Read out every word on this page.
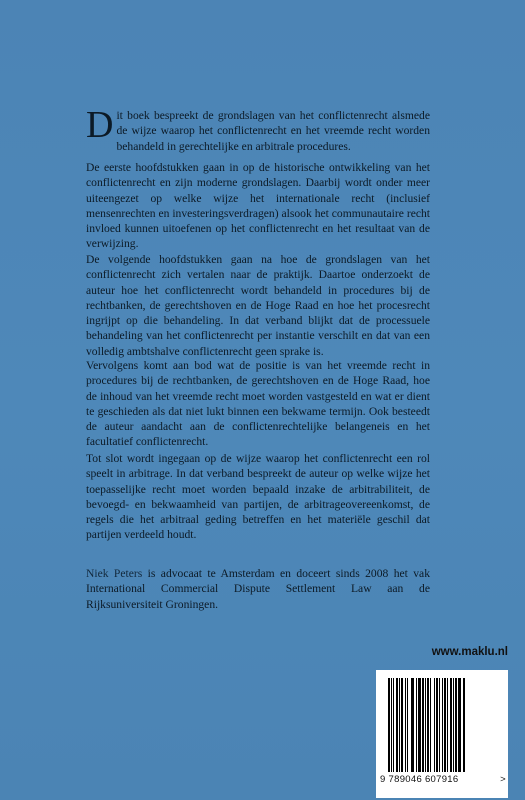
Dit boek bespreekt de grondslagen van het conflictenrecht alsmede de wijze waarop het conflictenrecht en het vreemde recht worden behandeld in gerechtelijke en arbitrale procedures.

De eerste hoofdstukken gaan in op de historische ontwikkeling van het conflictenrecht en zijn moderne grondslagen. Daarbij wordt onder meer uiteengezet op welke wijze het internationale recht (inclusief mensenrechten en investeringsverdragen) alsook het communautaire recht invloed kunnen uitoefenen op het conflictenrecht en het resultaat van de verwijzing.

De volgende hoofdstukken gaan na hoe de grondslagen van het conflictenrecht zich vertalen naar de praktijk. Daartoe onderzoekt de auteur hoe het conflictenrecht wordt behandeld in procedures bij de rechtbanken, de gerechtshoven en de Hoge Raad en hoe het procesrecht ingrijpt op die behandeling. In dat verband blijkt dat de processuele behandeling van het conflictenrecht per instantie verschilt en dat van een volledig ambtshalve conflictenrecht geen sprake is.

Vervolgens komt aan bod wat de positie is van het vreemde recht in procedures bij de rechtbanken, de gerechtshoven en de Hoge Raad, hoe de inhoud van het vreemde recht moet worden vastgesteld en wat er dient te geschieden als dat niet lukt binnen een bekwame termijn. Ook besteedt de auteur aandacht aan de conflictenrechtelijke belangeneis en het facultatief conflictenrecht.

Tot slot wordt ingegaan op de wijze waarop het conflictenrecht een rol speelt in arbitrage. In dat verband bespreekt de auteur op welke wijze het toepasselijke recht moet worden bepaald inzake de arbitrabiliteit, de bevoegd- en bekwaamheid van partijen, de arbitrageovereenkomst, de regels die het arbitraal geding betreffen en het materiële geschil dat partijen verdeeld houdt.

Niek Peters is advocaat te Amsterdam en doceert sinds 2008 het vak International Commercial Dispute Settlement Law aan de Rijksuniversiteit Groningen.

www.maklu.nl
9 789046 607916	>
